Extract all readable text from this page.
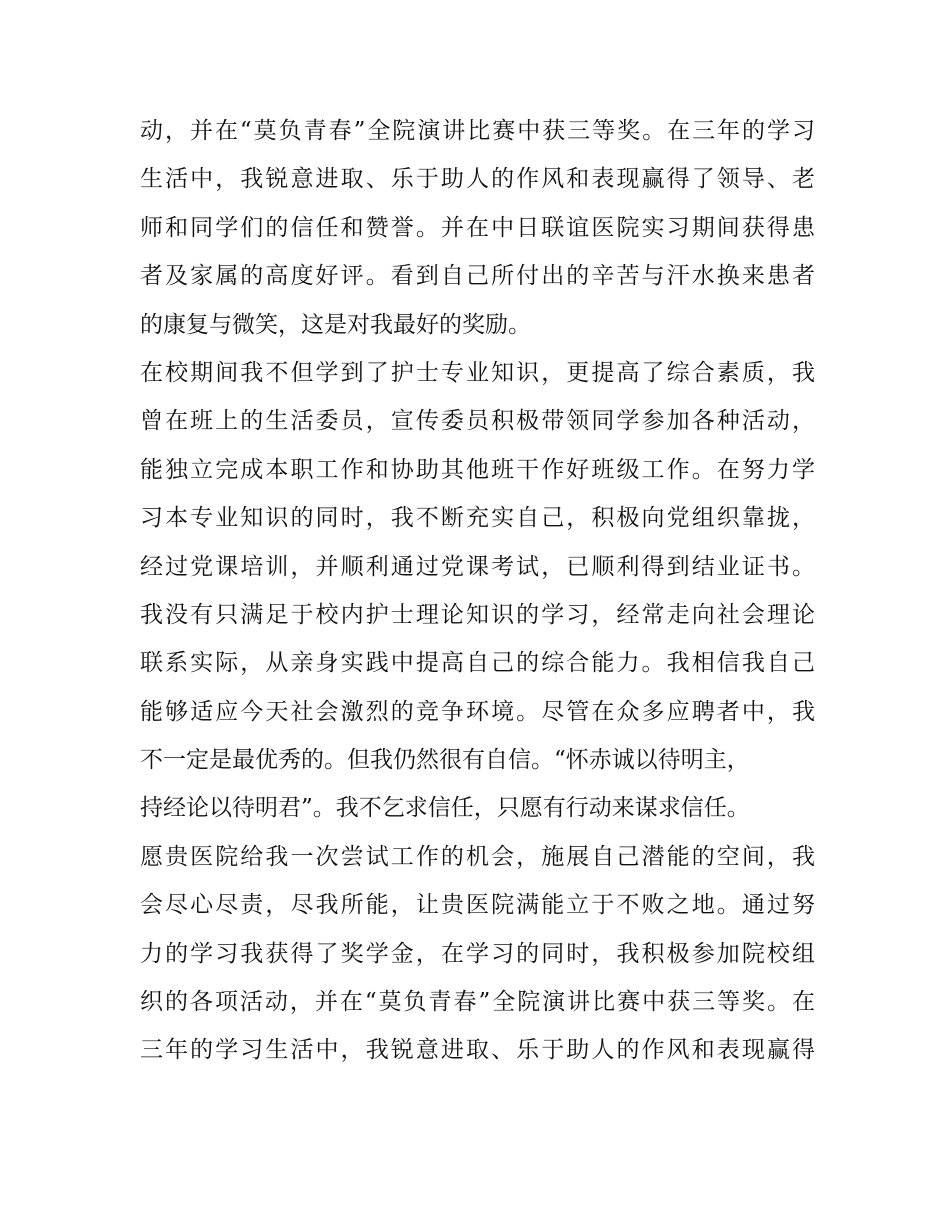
动，并在“莫负青春”全院演讲比赛中获三等奖。在三年的学习
生活中，我锐意进取、乐于助人的作风和表现赢得了领导、老
师和同学们的信任和赞誉。并在中日联谊医院实习期间获得患
者及家属的高度好评。看到自己所付出的辛苦与汗水换来患者
的康复与微笑，这是对我最好的奖励。
在校期间我不但学到了护士专业知识，更提高了综合素质，我
曾在班上的生活委员，宣传委员积极带领同学参加各种活动，
能独立完成本职工作和协助其他班干作好班级工作。在努力学
习本专业知识的同时，我不断充实自己，积极向党组织靠拢，
经过党课培训，并顺利通过党课考试，已顺利得到结业证书。
我没有只满足于校内护士理论知识的学习，经常走向社会理论
联系实际，从亲身实践中提高自己的综合能力。我相信我自己
能够适应今天社会激烈的竞争环境。尽管在众多应聘者中，我
不一定是最优秀的。但我仍然很有自信。“怀赤诚以待明主，
持经论以待明君”。我不乞求信任，只愿有行动来谋求信任。
愿贵医院给我一次尝试工作的机会，施展自己潜能的空间，我
会尽心尽责，尽我所能，让贵医院满能立于不败之地。通过努
力的学习我获得了奖学金，在学习的同时，我积极参加院校组
织的各项活动，并在“莫负青春”全院演讲比赛中获三等奖。在
三年的学习生活中，我锐意进取、乐于助人的作风和表现赢得
